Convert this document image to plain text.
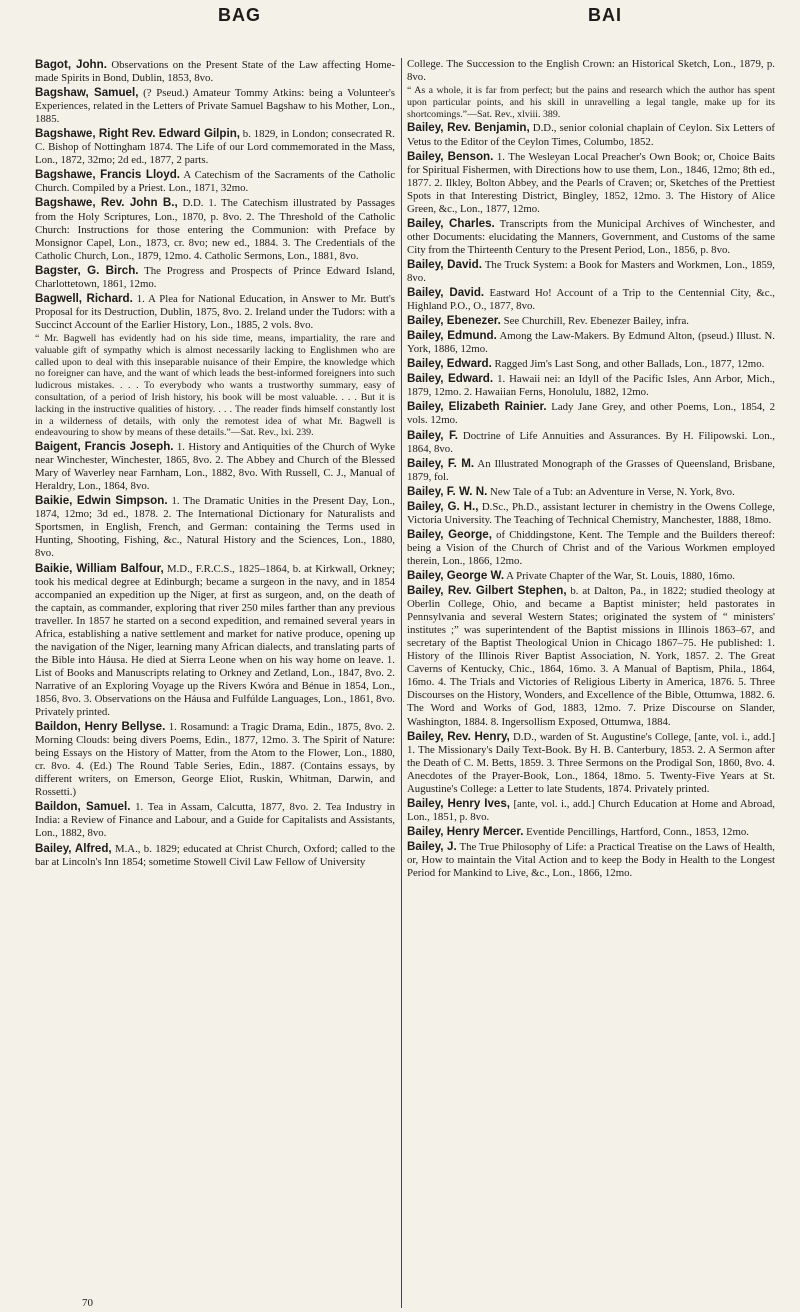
BAG	BAI

Bagot, John. Observations on the Present State of the Law affecting Home-made Spirits in Bond, Dublin, 1853, 8vo.

Bagshaw, Samuel, (? Pseud.) Amateur Tommy Atkins: being a Volunteer's Experiences, related in the Letters of Private Samuel Bagshaw to his Mother, Lon., 1885.

Bagshawe, Right Rev. Edward Gilpin, b. 1829, in London; consecrated R. C. Bishop of Nottingham 1874. The Life of our Lord commemorated in the Mass, Lon., 1872, 32mo; 2d ed., 1877, 2 parts.

Bagshawe, Francis Lloyd. A Catechism of the Sacraments of the Catholic Church. Compiled by a Priest. Lon., 1871, 32mo.

Bagshawe, Rev. John B., D.D. 1. The Catechism illustrated by Passages from the Holy Scriptures, Lon., 1870, p. 8vo. 2. The Threshold of the Catholic Church: Instructions for those entering the Communion: with Preface by Monsignor Capel, Lon., 1873, cr. 8vo; new ed., 1884. 3. The Credentials of the Catholic Church, Lon., 1879, 12mo. 4. Catholic Sermons, Lon., 1881, 8vo.

Bagster, G. Birch. The Progress and Prospects of Prince Edward Island, Charlottetown, 1861, 12mo.

Bagwell, Richard. 1. A Plea for National Education, in Answer to Mr. Butt's Proposal for its Destruction, Dublin, 1875, 8vo. 2. Ireland under the Tudors: with a Succinct Account of the Earlier History, Lon., 1885, 2 vols. 8vo.

“ Mr. Bagwell has evidently had on his side time, means, impartiality, the rare and valuable gift of sympathy which is almost necessarily lacking to Englishmen who are called upon to deal with this inseparable nuisance of their Empire, the knowledge which no foreigner can have, and the want of which leads the best-informed foreigners into such ludicrous mistakes. . . . To everybody who wants a trustworthy summary, easy of consultation, of a period of Irish history, his book will be most valuable. . . . But it is lacking in the instructive qualities of history. . . . The reader finds himself constantly lost in a wilderness of details, with only the remotest idea of what Mr. Bagwell is endeavouring to show by means of these details.”—Sat. Rev., lxi. 239.

Baigent, Francis Joseph. 1. History and Antiquities of the Church of Wyke near Winchester, Winchester, 1865, 8vo. 2. The Abbey and Church of the Blessed Mary of Waverley near Farnham, Lon., 1882, 8vo. With Russell, C. J., Manual of Heraldry, Lon., 1864, 8vo.

Baikie, Edwin Simpson. 1. The Dramatic Unities in the Present Day, Lon., 1874, 12mo; 3d ed., 1878. 2. The International Dictionary for Naturalists and Sportsmen, in English, French, and German: containing the Terms used in Hunting, Shooting, Fishing, &c., Natural History and the Sciences, Lon., 1880, 8vo.

Baikie, William Balfour, M.D., F.R.C.S., 1825–1864, b. at Kirkwall, Orkney; took his medical degree at Edinburgh; became a surgeon in the navy, and in 1854 accompanied an expedition up the Niger, at first as surgeon, and, on the death of the captain, as commander, exploring that river 250 miles farther than any previous traveller. In 1857 he started on a second expedition, and remained several years in Africa, establishing a native settlement and market for native produce, opening up the navigation of the Niger, learning many African dialects, and translating parts of the Bible into Háusa. He died at Sierra Leone when on his way home on leave. 1. List of Books and Manuscripts relating to Orkney and Zetland, Lon., 1847, 8vo. 2. Narrative of an Exploring Voyage up the Rivers Kwóra and Bénue in 1854, Lon., 1856, 8vo. 3. Observations on the Háusa and Fulfúlde Languages, Lon., 1861, 8vo. Privately printed.

Baildon, Henry Bellyse. 1. Rosamund: a Tragic Drama, Edin., 1875, 8vo. 2. Morning Clouds: being divers Poems, Edin., 1877, 12mo. 3. The Spirit of Nature: being Essays on the History of Matter, from the Atom to the Flower, Lon., 1880, cr. 8vo. 4. (Ed.) The Round Table Series, Edin., 1887. (Contains essays, by different writers, on Emerson, George Eliot, Ruskin, Whitman, Darwin, and Rossetti.)

Baildon, Samuel. 1. Tea in Assam, Calcutta, 1877, 8vo. 2. Tea Industry in India: a Review of Finance and Labour, and a Guide for Capitalists and Assistants, Lon., 1882, 8vo.

Bailey, Alfred, M.A., b. 1829; educated at Christ Church, Oxford; called to the bar at Lincoln's Inn 1854; sometime Stowell Civil Law Fellow of University

College. The Succession to the English Crown: an Historical Sketch, Lon., 1879, p. 8vo.

“ As a whole, it is far from perfect; but the pains and research which the author has spent upon particular points, and his skill in unravelling a legal tangle, make up for its shortcomings.”—Sat. Rev., xlviii. 389.

Bailey, Rev. Benjamin, D.D., senior colonial chaplain of Ceylon. Six Letters of Vetus to the Editor of the Ceylon Times, Columbo, 1852.

Bailey, Benson. 1. The Wesleyan Local Preacher's Own Book; or, Choice Baits for Spiritual Fishermen, with Directions how to use them, Lon., 1846, 12mo; 8th ed., 1877. 2. Ilkley, Bolton Abbey, and the Pearls of Craven; or, Sketches of the Prettiest Spots in that Interesting District, Bingley, 1852, 12mo. 3. The History of Alice Green, &c., Lon., 1877, 12mo.

Bailey, Charles. Transcripts from the Municipal Archives of Winchester, and other Documents: elucidating the Manners, Government, and Customs of the same City from the Thirteenth Century to the Present Period, Lon., 1856, p. 8vo.

Bailey, David. The Truck System: a Book for Masters and Workmen, Lon., 1859, 8vo.

Bailey, David. Eastward Ho! Account of a Trip to the Centennial City, &c., Highland P.O., O., 1877, 8vo.

Bailey, Ebenezer. See Churchill, Rev. Ebenezer Bailey, infra.

Bailey, Edmund. Among the Law-Makers. By Edmund Alton, (pseud.) Illust. N. York, 1886, 12mo.

Bailey, Edward. Ragged Jim's Last Song, and other Ballads, Lon., 1877, 12mo.

Bailey, Edward. 1. Hawaii nei: an Idyll of the Pacific Isles, Ann Arbor, Mich., 1879, 12mo. 2. Hawaiian Ferns, Honolulu, 1882, 12mo.

Bailey, Elizabeth Rainier. Lady Jane Grey, and other Poems, Lon., 1854, 2 vols. 12mo.

Bailey, F. Doctrine of Life Annuities and Assurances. By H. Filipowski. Lon., 1864, 8vo.

Bailey, F. M. An Illustrated Monograph of the Grasses of Queensland, Brisbane, 1879, fol.

Bailey, F. W. N. New Tale of a Tub: an Adventure in Verse, N. York, 8vo.

Bailey, G. H., D.Sc., Ph.D., assistant lecturer in chemistry in the Owens College, Victoria University. The Teaching of Technical Chemistry, Manchester, 1888, 18mo.

Bailey, George, of Chiddingstone, Kent. The Temple and the Builders thereof: being a Vision of the Church of Christ and of the Various Workmen employed therein, Lon., 1866, 12mo.

Bailey, George W. A Private Chapter of the War, St. Louis, 1880, 16mo.

Bailey, Rev. Gilbert Stephen, b. at Dalton, Pa., in 1822; studied theology at Oberlin College, Ohio, and became a Baptist minister; held pastorates in Pennsylvania and several Western States; originated the system of “ ministers' institutes ;” was superintendent of the Baptist missions in Illinois 1863–67, and secretary of the Baptist Theological Union in Chicago 1867–75. He published: 1. History of the Illinois River Baptist Association, N. York, 1857. 2. The Great Caverns of Kentucky, Chic., 1864, 16mo. 3. A Manual of Baptism, Phila., 1864, 16mo. 4. The Trials and Victories of Religious Liberty in America, 1876. 5. Three Discourses on the History, Wonders, and Excellence of the Bible, Ottumwa, 1882. 6. The Word and Works of God, 1883, 12mo. 7. Prize Discourse on Slander, Washington, 1884. 8. Ingersollism Exposed, Ottumwa, 1884.

Bailey, Rev. Henry, D.D., warden of St. Augustine's College, [ante, vol. i., add.] 1. The Missionary's Daily Text-Book. By H. B. Canterbury, 1853. 2. A Sermon after the Death of C. M. Betts, 1859. 3. Three Sermons on the Prodigal Son, 1860, 8vo. 4. Anecdotes of the Prayer-Book, Lon., 1864, 18mo. 5. Twenty-Five Years at St. Augustine's College: a Letter to late Students, 1874. Privately printed.

Bailey, Henry Ives, [ante, vol. i., add.] Church Education at Home and Abroad, Lon., 1851, p. 8vo.

Bailey, Henry Mercer. Eventide Pencillings, Hartford, Conn., 1853, 12mo.

Bailey, J. The True Philosophy of Life: a Practical Treatise on the Laws of Health, or, How to maintain the Vital Action and to keep the Body in Health to the Longest Period for Mankind to Live, &c., Lon., 1866, 12mo.

70
